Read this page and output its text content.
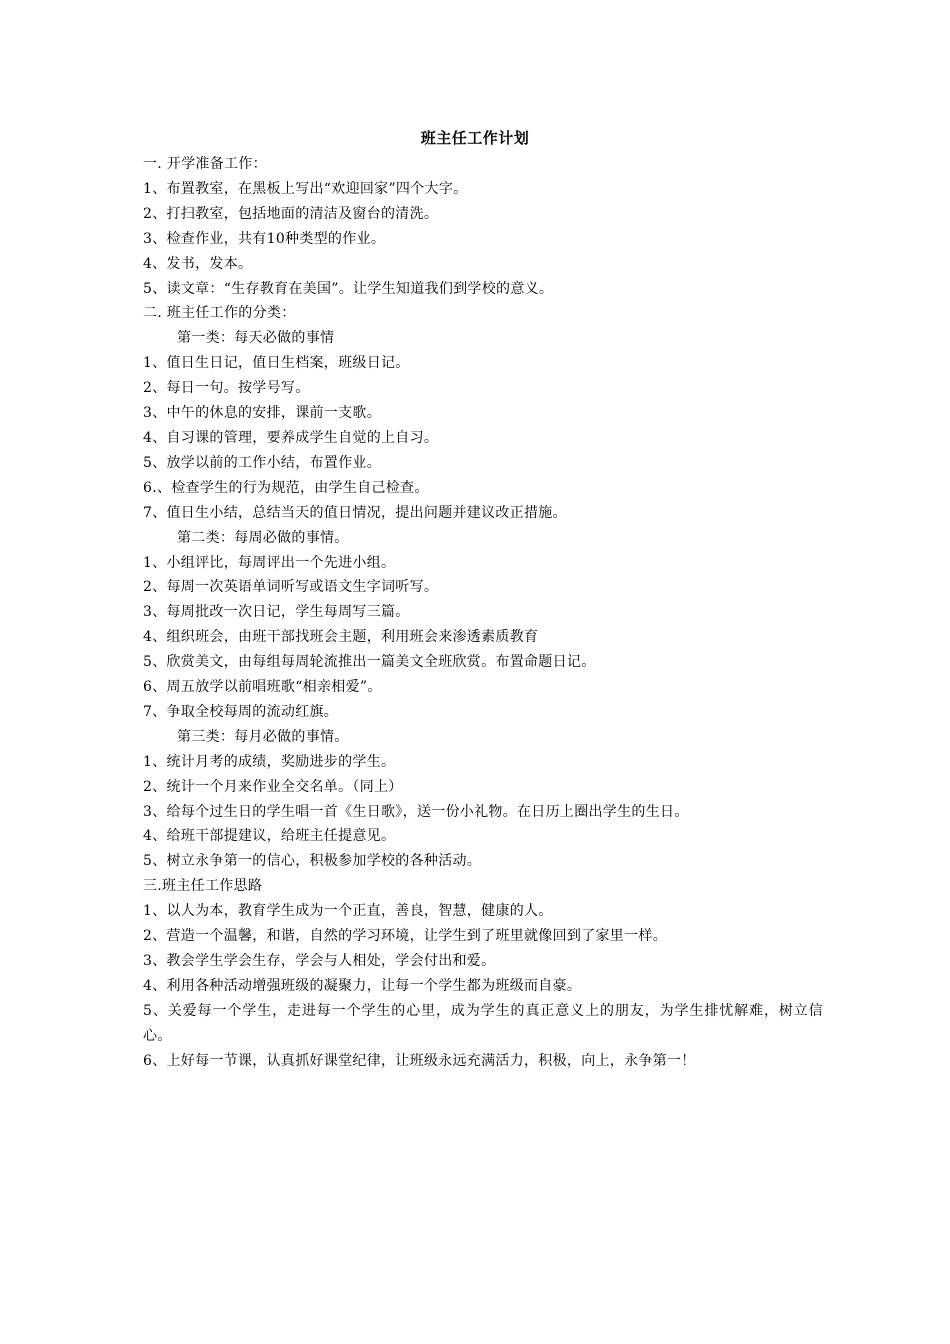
班主任工作计划
一. 开学准备工作：
1、布置教室，在黑板上写出“欢迎回家”四个大字。
2、打扫教室，包括地面的清洁及窗台的清洗。
3、检查作业，共有10种类型的作业。
4、发书，发本。
5、读文章：“生存教育在美国”。让学生知道我们到学校的意义。
二. 班主任工作的分类：
第一类：每天必做的事情
1、值日生日记，值日生档案，班级日记。
2、每日一句。按学号写。
3、中午的休息的安排，课前一支歌。
4、自习课的管理，要养成学生自觉的上自习。
5、放学以前的工作小结，布置作业。
6.、检查学生的行为规范，由学生自己检查。
7、值日生小结，总结当天的值日情况，提出问题并建议改正措施。
第二类：每周必做的事情。
1、小组评比，每周评出一个先进小组。
2、每周一次英语单词听写或语文生字词听写。
3、每周批改一次日记，学生每周写三篇。
4、组织班会，由班干部找班会主题，利用班会来渗透素质教育
5、欣赏美文，由每组每周轮流推出一篇美文全班欣赏。布置命题日记。
6、周五放学以前唱班歌“相亲相爱”。
7、争取全校每周的流动红旗。
第三类：每月必做的事情。
1、统计月考的成绩，奖励进步的学生。
2、统计一个月来作业全交名单。（同上）
3、给每个过生日的学生唱一首《生日歌》，送一份小礼物。在日历上圈出学生的生日。
4、给班干部提建议，给班主任提意见。
5、树立永争第一的信心，积极参加学校的各种活动。
三.班主任工作思路
1、以人为本，教育学生成为一个正直，善良，智慧，健康的人。
2、营造一个温馨，和谐，自然的学习环境，让学生到了班里就像回到了家里一样。
3、教会学生学会生存，学会与人相处，学会付出和爱。
4、利用各种活动增强班级的凝聚力，让每一个学生都为班级而自豪。
5、关爱每一个学生，走进每一个学生的心里，成为学生的真正意义上的朋友，为学生排忧解难，树立信心。
6、上好每一节课，认真抓好课堂纪律，让班级永远充满活力，积极，向上，永争第一！
